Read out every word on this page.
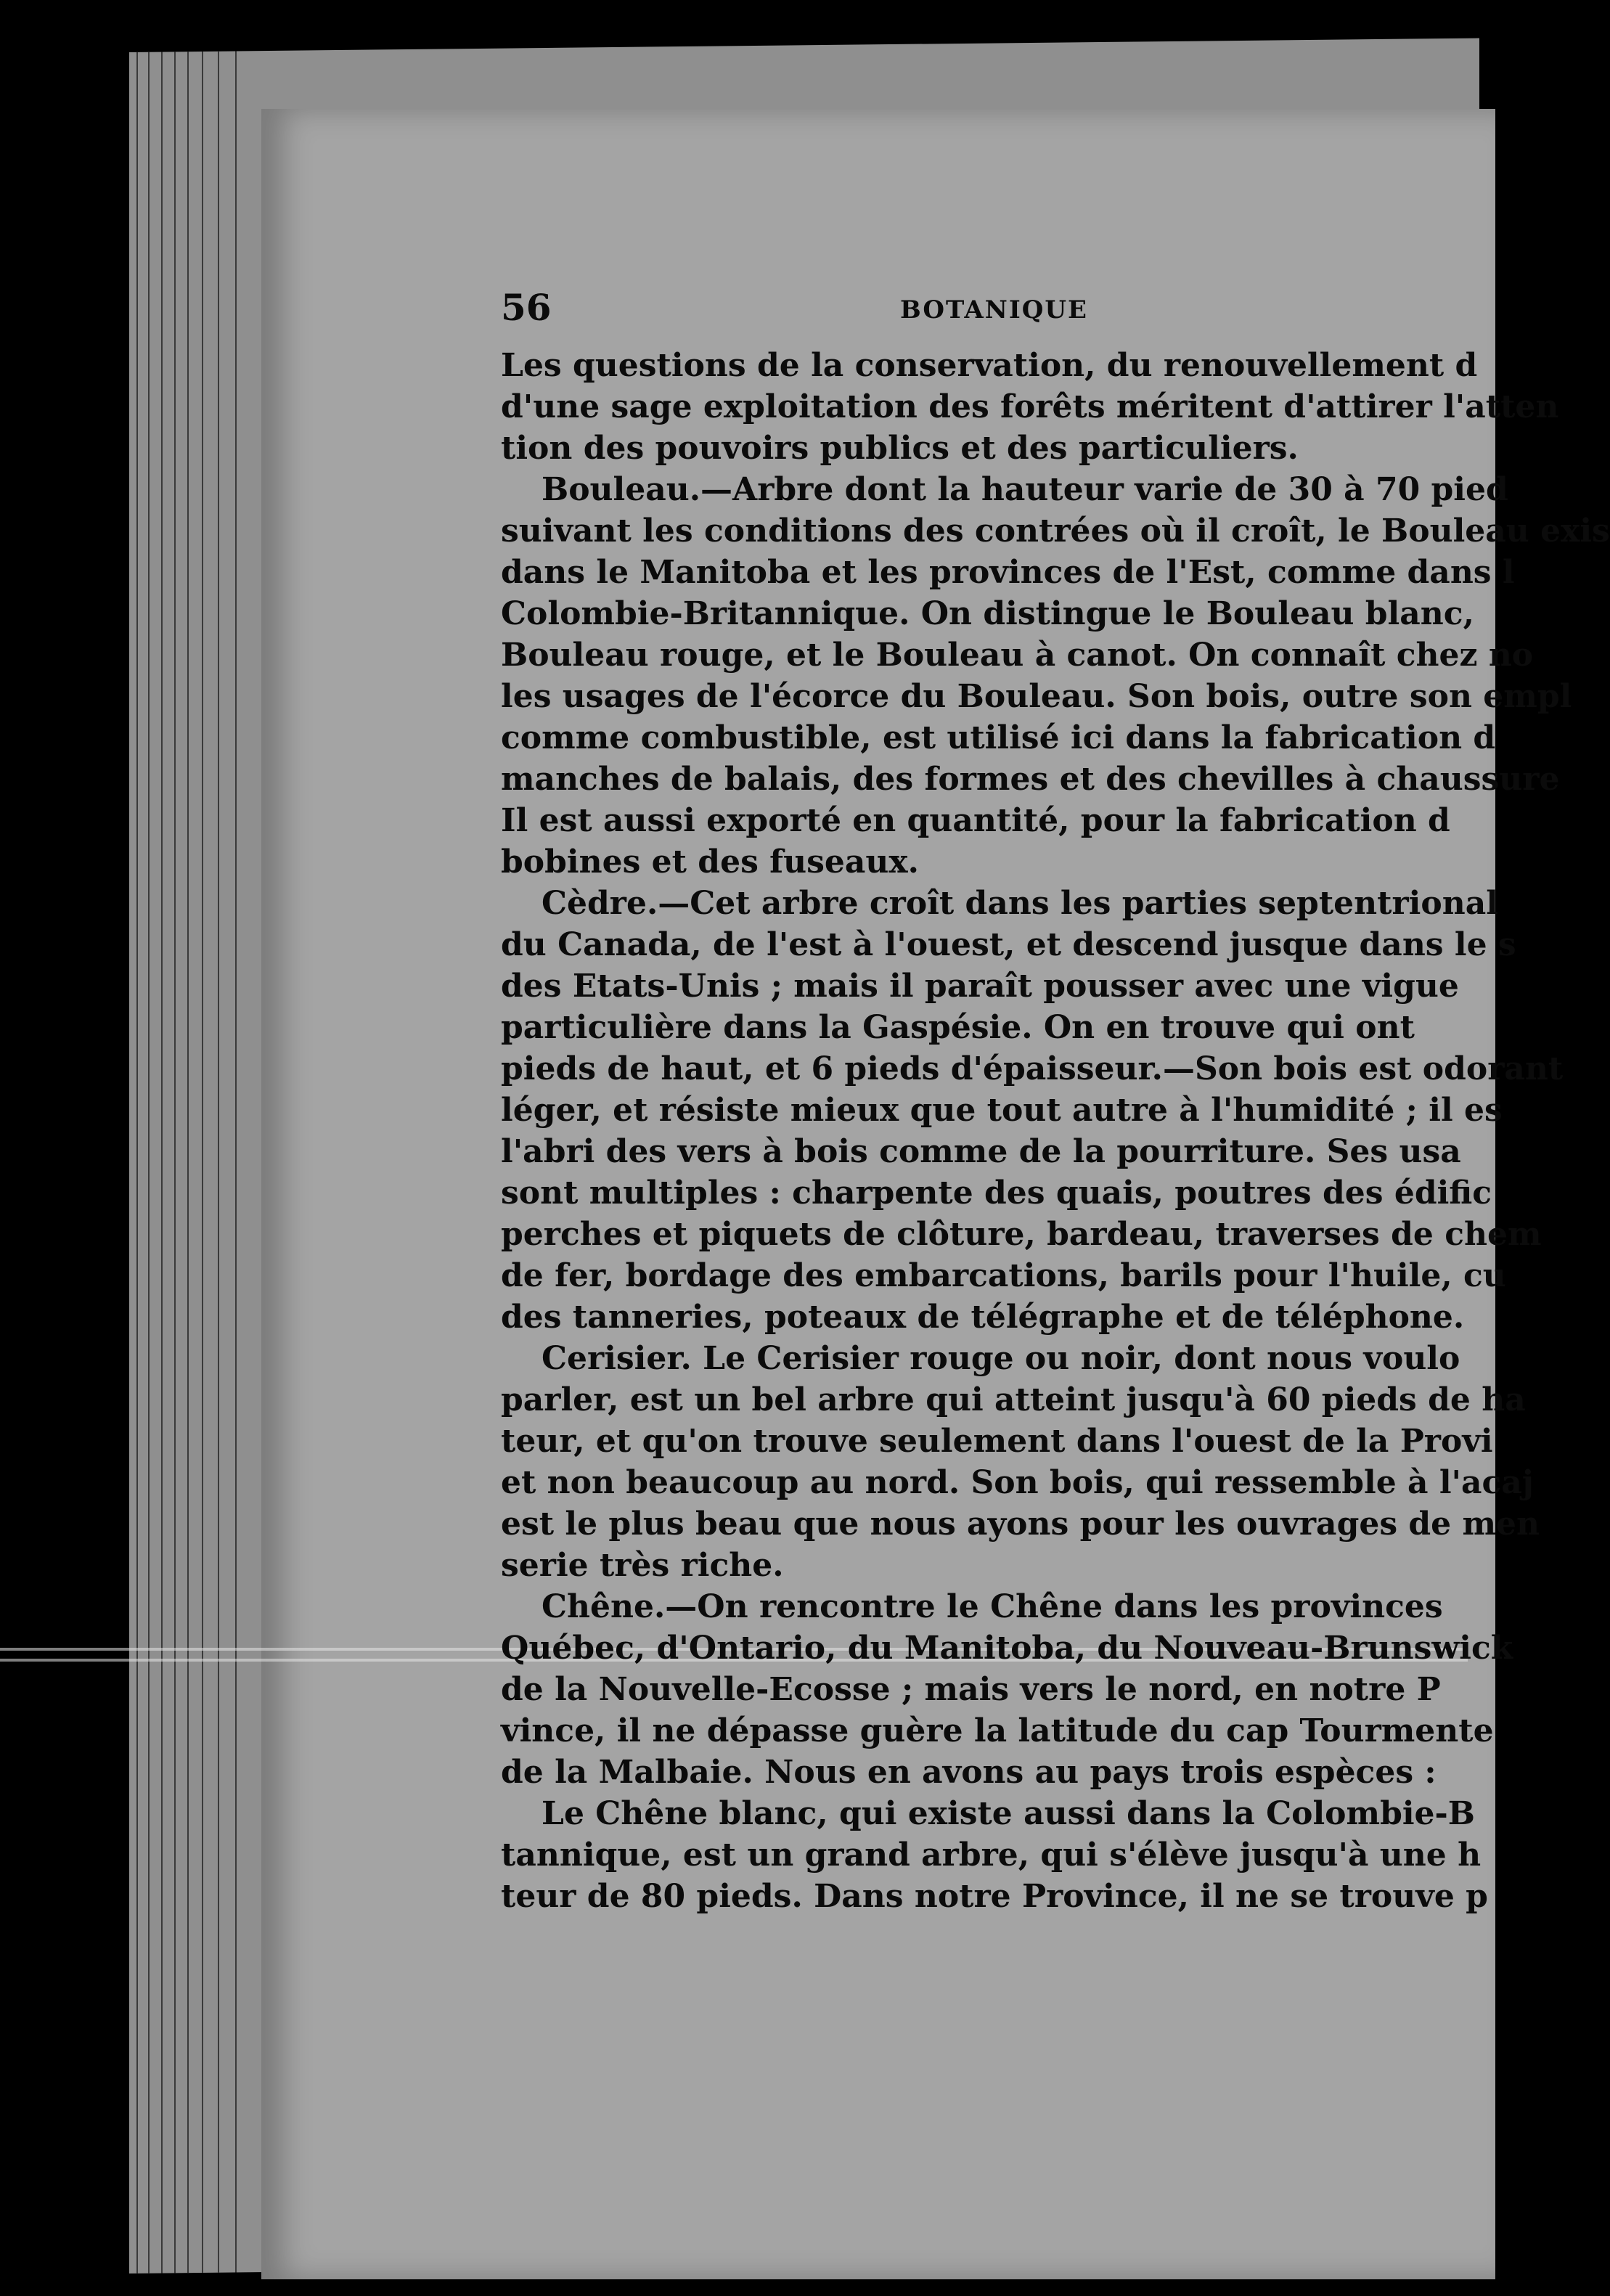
56	BOTANIQUE
Les questions de la conservation, du renouvellement d
d'une sage exploitation des forêts méritent d'attirer l'atten
tion des pouvoirs publics et des particuliers.
Bouleau.—Arbre dont la hauteur varie de 30 à 70 pied
suivant les conditions des contrées où il croît, le Bouleau exis
dans le Manitoba et les provinces de l'Est, comme dans l
Colombie-Britannique. On distingue le Bouleau blanc,
Bouleau rouge, et le Bouleau à canot. On connaît chez no
les usages de l'écorce du Bouleau. Son bois, outre son empl
comme combustible, est utilisé ici dans la fabrication d
manches de balais, des formes et des chevilles à chaussure
Il est aussi exporté en quantité, pour la fabrication d
bobines et des fuseaux.
Cèdre.—Cet arbre croît dans les parties septentrional
du Canada, de l'est à l'ouest, et descend jusque dans le s
des Etats-Unis ; mais il paraît pousser avec une vigue
particulière dans la Gaspésie. On en trouve qui ont
pieds de haut, et 6 pieds d'épaisseur.—Son bois est odorant
léger, et résiste mieux que tout autre à l'humidité ; il es
l'abri des vers à bois comme de la pourriture. Ses usa
sont multiples : charpente des quais, poutres des édific
perches et piquets de clôture, bardeau, traverses de chem
de fer, bordage des embarcations, barils pour l'huile, cu
des tanneries, poteaux de télégraphe et de téléphone.
Cerisier. Le Cerisier rouge ou noir, dont nous voulo
parler, est un bel arbre qui atteint jusqu'à 60 pieds de ha
teur, et qu'on trouve seulement dans l'ouest de la Provi
et non beaucoup au nord. Son bois, qui ressemble à l'acaj
est le plus beau que nous ayons pour les ouvrages de men
serie très riche.
Chêne.—On rencontre le Chêne dans les provinces
Québec, d'Ontario, du Manitoba, du Nouveau-Brunswick
de la Nouvelle-Ecosse ; mais vers le nord, en notre P
vince, il ne dépasse guère la latitude du cap Tourmente
de la Malbaie. Nous en avons au pays trois espèces :
Le Chêne blanc, qui existe aussi dans la Colombie-B
tannique, est un grand arbre, qui s'élève jusqu'à une h
teur de 80 pieds. Dans notre Province, il ne se trouve p
